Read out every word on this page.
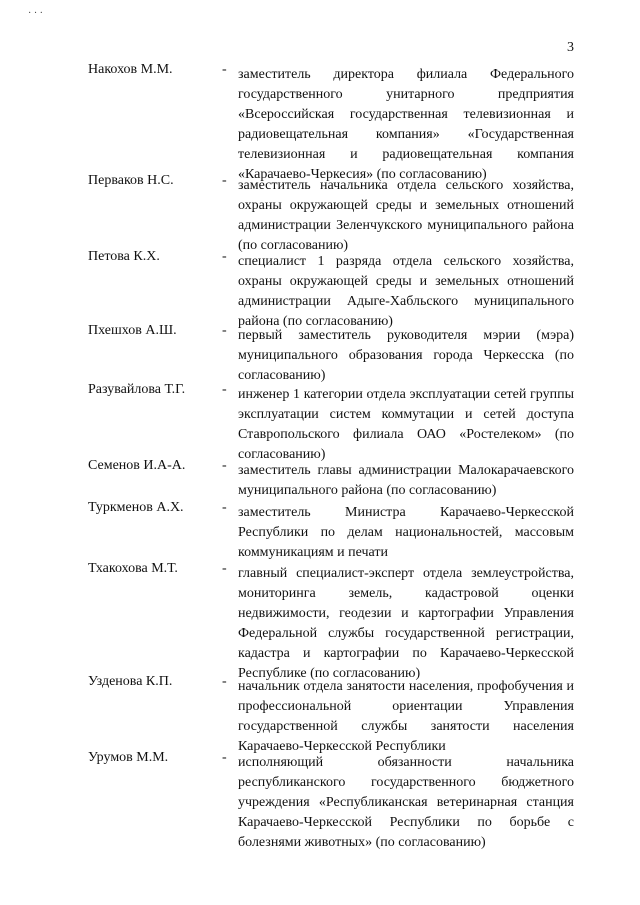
· · ·
3
Накохов М.М.	- заместитель директора филиала Федерального государственного унитарного предприятия «Всероссийская государственная телевизионная и радиовещательная компания» «Государственная телевизионная и радиовещательная компания «Карачаево-Черкесия» (по согласованию)
Перваков Н.С.	- заместитель начальника отдела сельского хозяйства, охраны окружающей среды и земельных отношений администрации Зеленчукского муниципального района (по согласованию)
Петова К.Х.	- специалист 1 разряда отдела сельского хозяйства, охраны окружающей среды и земельных отношений администрации Адыге-Хабльского муниципального района (по согласованию)
Пхешхов А.Ш.	- первый заместитель руководителя мэрии (мэра) муниципального образования города Черкесска (по согласованию)
Разувайлова Т.Г.	- инженер 1 категории отдела эксплуатации сетей группы эксплуатации систем коммутации и сетей доступа Ставропольского филиала ОАО «Ростелеком» (по согласованию)
Семенов И.А-А.	- заместитель главы администрации Малокарачаевского муниципального района (по согласованию)
Туркменов А.Х.	- заместитель Министра Карачаево-Черкесской Республики по делам национальностей, массовым коммуникациям и печати
Тхакохова М.Т.	- главный специалист-эксперт отдела землеустройства, мониторинга земель, кадастровой оценки недвижимости, геодезии и картографии Управления Федеральной службы государственной регистрации, кадастра и картографии по Карачаево-Черкесской Республике (по согласованию)
Узденова К.П.	- начальник отдела занятости населения, профобучения и профессиональной ориентации Управления государственной службы занятости населения Карачаево-Черкесской Республики
Урумов М.М.	- исполняющий обязанности начальника республиканского государственного бюджетного учреждения «Республиканская ветеринарная станция Карачаево-Черкесской Республики по борьбе с болезнями животных» (по согласованию)
